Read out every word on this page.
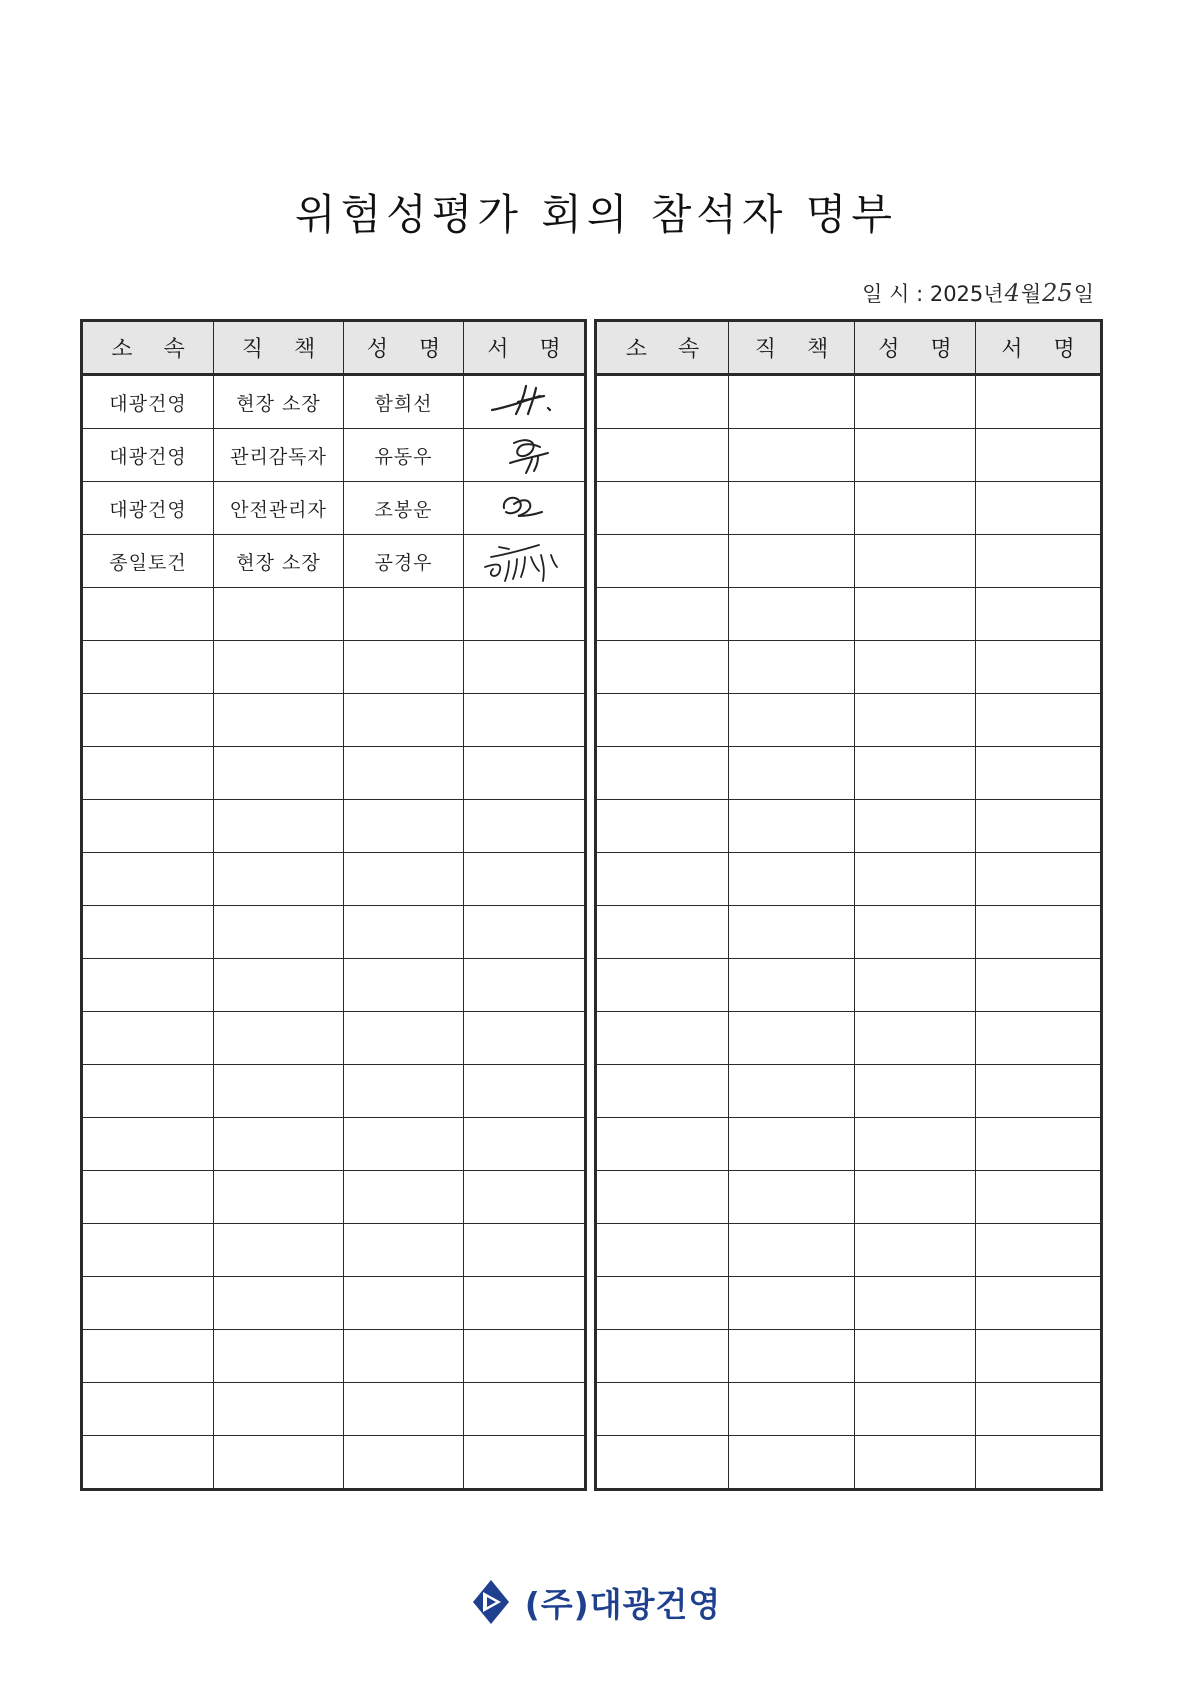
위험성평가 회의 참석자 명부
일 시 : 2025년4월25일
소 속	직 책	성 명	서 명
대광건영	현장 소장	함희선	

대광건영	관리감독자	유동우	

대광건영	안전관리자	조봉운	

종일토건	현장 소장	공경우	

소 속	직 책	성 명	서 명

(주)대광건영
